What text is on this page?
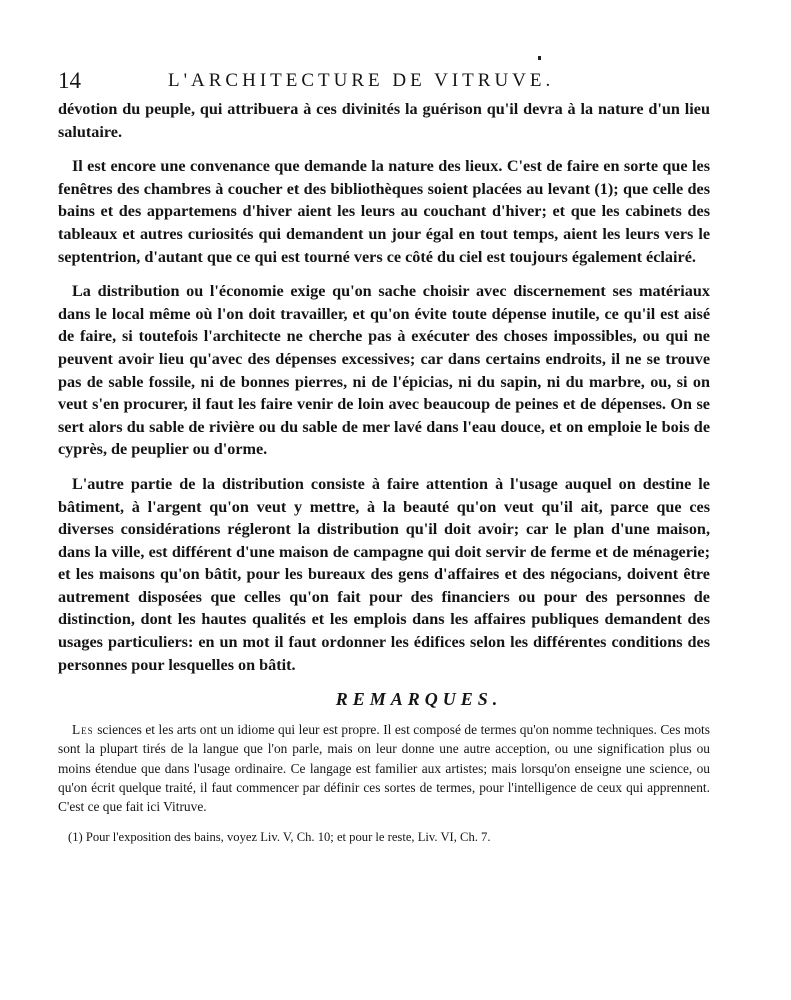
14	L'ARCHITECTURE DE VITRUVE.

dévotion du peuple, qui attribuera à ces divinités la guérison qu'il devra à la nature d'un lieu salutaire.

Il est encore une convenance que demande la nature des lieux. C'est de faire en sorte que les fenêtres des chambres à coucher et des bibliothèques soient placées au levant (1); que celle des bains et des appartemens d'hiver aient les leurs au couchant d'hiver; et que les cabinets des tableaux et autres curiosités qui demandent un jour égal en tout temps, aient les leurs vers le septentrion, d'autant que ce qui est tourné vers ce côté du ciel est toujours également éclairé.

La distribution ou l'économie exige qu'on sache choisir avec discernement ses matériaux dans le local même où l'on doit travailler, et qu'on évite toute dépense inutile, ce qu'il est aisé de faire, si toutefois l'architecte ne cherche pas à exécuter des choses impossibles, ou qui ne peuvent avoir lieu qu'avec des dépenses excessives; car dans certains endroits, il ne se trouve pas de sable fossile, ni de bonnes pierres, ni de l'épicias, ni du sapin, ni du marbre, ou, si on veut s'en procurer, il faut les faire venir de loin avec beaucoup de peines et de dépenses. On se sert alors du sable de rivière ou du sable de mer lavé dans l'eau douce, et on emploie le bois de cyprès, de peuplier ou d'orme.

L'autre partie de la distribution consiste à faire attention à l'usage auquel on destine le bâtiment, à l'argent qu'on veut y mettre, à la beauté qu'on veut qu'il ait, parce que ces diverses considérations régleront la distribution qu'il doit avoir; car le plan d'une maison, dans la ville, est différent d'une maison de campagne qui doit servir de ferme et de ménagerie; et les maisons qu'on bâtit, pour les bureaux des gens d'affaires et des négocians, doivent être autrement disposées que celles qu'on fait pour des financiers ou pour des personnes de distinction, dont les hautes qualités et les emplois dans les affaires publiques demandent des usages particuliers: en un mot il faut ordonner les édifices selon les différentes conditions des personnes pour lesquelles on bâtit.

REMARQUES.

Les sciences et les arts ont un idiome qui leur est propre. Il est composé de termes qu'on nomme techniques. Ces mots sont la plupart tirés de la langue que l'on parle, mais on leur donne une autre acception, ou une signification plus ou moins étendue que dans l'usage ordinaire. Ce langage est familier aux artistes; mais lorsqu'on enseigne une science, ou qu'on écrit quelque traité, il faut commencer par définir ces sortes de termes, pour l'intelligence de ceux qui apprennent. C'est ce que fait ici Vitruve.

(1) Pour l'exposition des bains, voyez Liv. V, Ch. 10; et pour le reste, Liv. VI, Ch. 7.
